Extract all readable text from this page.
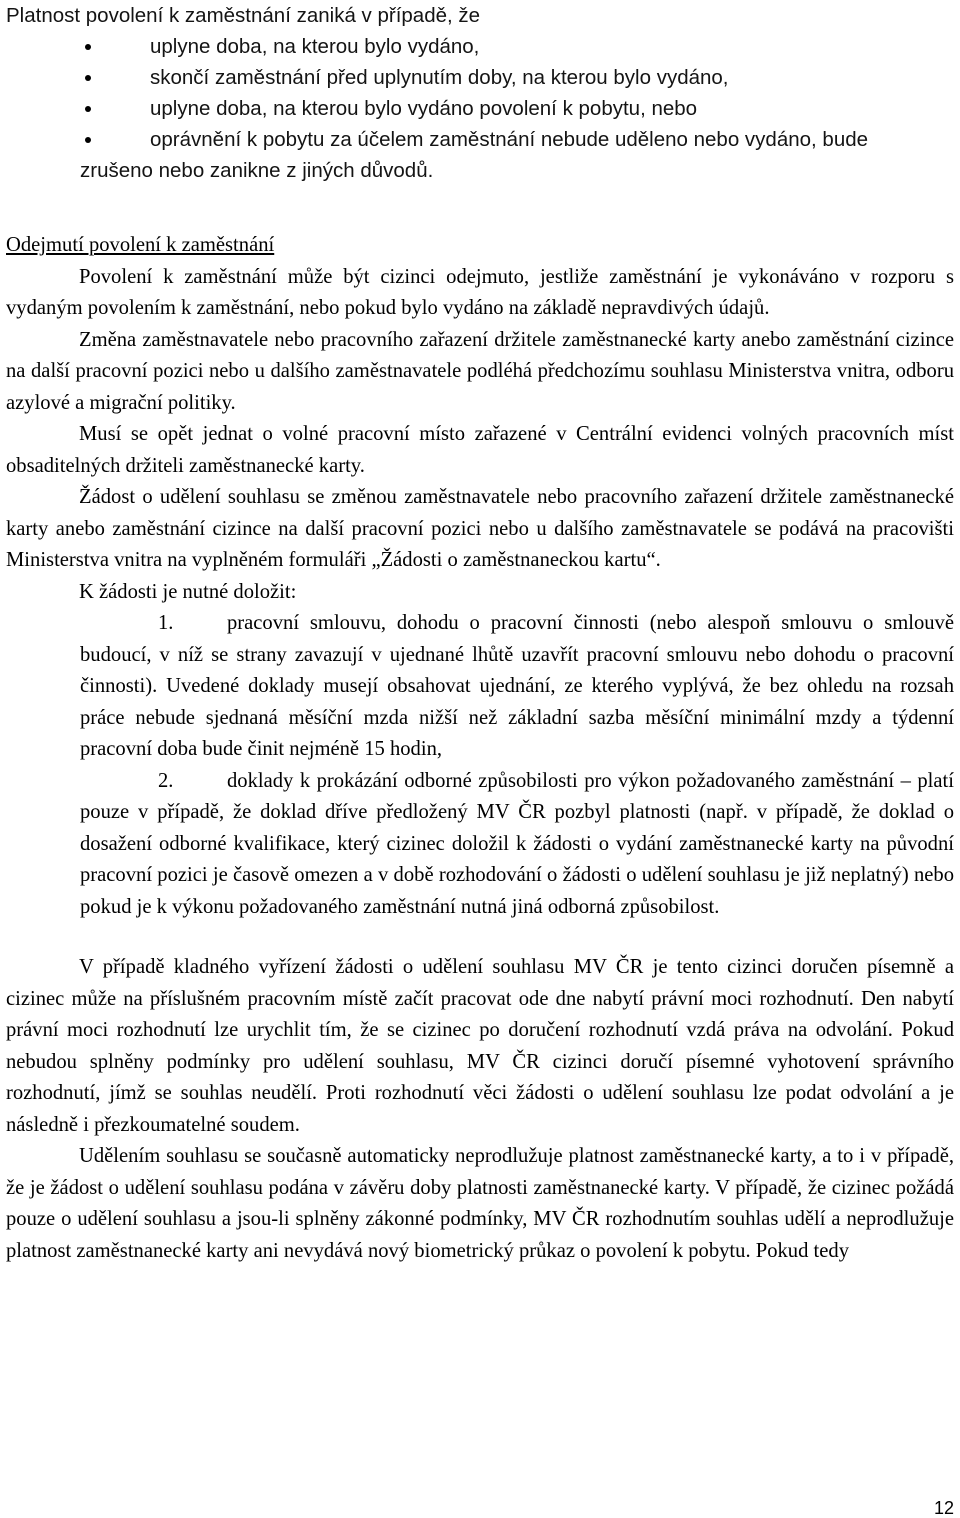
Platnost povolení k zaměstnání zaniká v případě, že

uplyne doba, na kterou bylo vydáno,
skončí zaměstnání před uplynutím doby, na kterou bylo vydáno,
uplyne doba, na kterou bylo vydáno povolení k pobytu, nebo
oprávnění k pobytu za účelem zaměstnání nebude uděleno nebo vydáno, bude
zrušeno nebo zanikne z jiných důvodů.

Odejmutí povolení k zaměstnání

Povolení k zaměstnání může být cizinci odejmuto, jestliže zaměstnání je vykonáváno v rozporu s vydaným povolením k zaměstnání, nebo pokud bylo vydáno na základě nepravdivých údajů.

Změna zaměstnavatele nebo pracovního zařazení držitele zaměstnanecké karty anebo zaměstnání cizince na další pracovní pozici nebo u dalšího zaměstnavatele podléhá předchozímu souhlasu Ministerstva vnitra, odboru azylové a migrační politiky.

Musí se opět jednat o volné pracovní místo zařazené v Centrální evidenci volných pracovních míst obsaditelných držiteli zaměstnanecké karty.

Žádost o udělení souhlasu se změnou zaměstnavatele nebo pracovního zařazení držitele zaměstnanecké karty anebo zaměstnání cizince na další pracovní pozici nebo u dalšího zaměstnavatele se podává na pracovišti Ministerstva vnitra na vyplněném formuláři „Žádosti o zaměstnaneckou kartu“.

K žádosti je nutné doložit:

1.	pracovní smlouvu, dohodu o pracovní činnosti (nebo alespoň smlouvu o smlouvě budoucí, v níž se strany zavazují v ujednané lhůtě uzavřít pracovní smlouvu nebo dohodu o pracovní činnosti). Uvedené doklady musejí obsahovat ujednání, ze kterého vyplývá, že bez ohledu na rozsah práce nebude sjednaná měsíční mzda nižší než základní sazba měsíční minimální mzdy a týdenní pracovní doba bude činit nejméně 15 hodin,
2.	doklady k prokázání odborné způsobilosti pro výkon požadovaného zaměstnání – platí pouze v případě, že doklad dříve předložený MV ČR pozbyl platnosti (např. v případě, že doklad o dosažení odborné kvalifikace, který cizinec doložil k žádosti o vydání zaměstnanecké karty na původní pracovní pozici je časově omezen a v době rozhodování o žádosti o udělení souhlasu je již neplatný) nebo pokud je k výkonu požadovaného zaměstnání nutná jiná odborná způsobilost.

V případě kladného vyřízení žádosti o udělení souhlasu MV ČR je tento cizinci doručen písemně a cizinec může na příslušném pracovním místě začít pracovat ode dne nabytí právní moci rozhodnutí. Den nabytí právní moci rozhodnutí lze urychlit tím, že se cizinec po doručení rozhodnutí vzdá práva na odvolání. Pokud nebudou splněny podmínky pro udělení souhlasu, MV ČR cizinci doručí písemné vyhotovení správního rozhodnutí, jímž se souhlas neudělí. Proti rozhodnutí věci žádosti o udělení souhlasu lze podat odvolání a je následně i přezkoumatelné soudem.

Udělením souhlasu se současně automaticky neprodlužuje platnost zaměstnanecké karty, a to i v případě, že je žádost o udělení souhlasu podána v závěru doby platnosti zaměstnanecké karty. V případě, že cizinec požádá pouze o udělení souhlasu a jsou-li splněny zákonné podmínky, MV ČR rozhodnutím souhlas udělí a neprodlužuje platnost zaměstnanecké karty ani nevydává nový biometrický průkaz o povolení k pobytu. Pokud tedy

12
